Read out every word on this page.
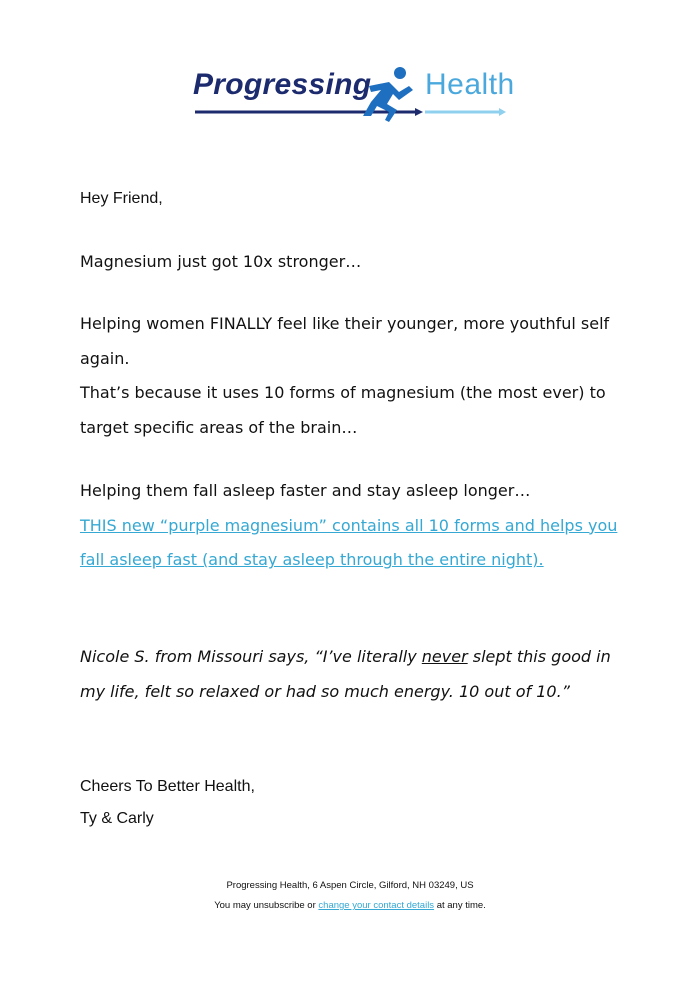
Progressing Health
Hey Friend,

Magnesium just got 10x stronger…

Helping women FINALLY feel like their younger, more youthful self again.
That’s because it uses 10 forms of magnesium (the most ever) to target specific areas of the brain…

Helping them fall asleep faster and stay asleep longer…
THIS new “purple magnesium” contains all 10 forms and helps you fall asleep fast (and stay asleep through the entire night).

Nicole S. from Missouri says, “I’ve literally never slept this good in my life, felt so relaxed or had so much energy. 10 out of 10.”

Cheers To Better Health,
Ty & Carly
Progressing Health, 6 Aspen Circle, Gilford, NH 03249, US
You may unsubscribe or change your contact details at any time.
